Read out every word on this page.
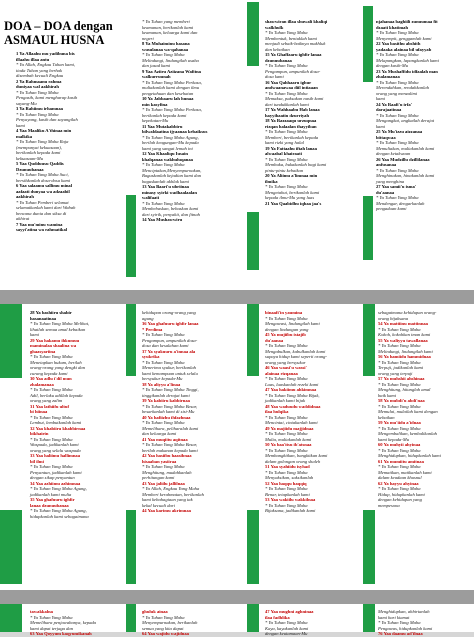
DOA – DOA dengan
ASMAUL HUSNA
1 Ya Allaahu mu yadibuna bis
illaahu illaa antu
* Ya Allah, Engkau Tuhan kami,
tiada Tuhan yang berhak
disembah kecuali Engkau
2 Ya Rahmaanu rahma
duniyaa wal aakhirah
* Ya Tuhan Yang Maha
Pengasih, kami mengharap kasih
sayang-Mu
3 Ya Rahiimu irhamnaa
* Ya Tuhan Yang Maha
Penyayang, kasih dan sayangilah
kami
4 Yaa Maaliku A'thinaa min
malkika
* Ya Tuhan Yang Maha Raja
(mempunyai kekuasaan),
berikanlah kepada kami
kekuasaan-Mu
5 Yaa Qudduusu Qaddis
Dzunuubanaa
* Ya Tuhan Yang Maha Suci,
bersihkanlah dosa-dosa kami
6 Yaa salaamu sallimu minal
aafaati dunyaa wa adzaabil
aakhirah
* Ya Tuhan Pemberi selamat
selamatkanlah kami dari Wabah
bencana dunia dan siksa di
akhirat
7 Yaa mu'minu wamina
sayyi'atina wa rahmatikal
* Ya Tuhan yang memberi
keamanan, berikanlah kami
keamanan, keluarga kami dan
negeri
8 Ya Muhaiminu hasana
wusulanaa wa-qahanaa
* Ya Tuhan Yang Maha
Melindungi, lindungilah usaha
dan jasad kami
9 Yaa Aziiru Aziizana Wafitna
walkurruunah
* Ya Tuhan Yang Maha Perkasa,
muliakanlah kami dengan ilmu
pengetahuan dan kesehatan
10 Ya Jabbaaru lah hunaa
min kasyfina
* Ya Tuhan Yang Maha Perkasa,
berikanlah kepada kami
kepekatan-Mu
11 Yaa Mutakabbiru
bilwaldaatina ijyaanaa kebaiksus
* Ya Tuhan Yang Maha Agung,
berilah keagungan-Mu kepada
kami yang sangat lemah ini
12 Yaa Khaaliqu Iusain
khalqanaa wakhuluqanaa
* Ya Tuhan Yang Maha
Menciptakan,Menyempurnakan,
Baguskanlah kejadian kami dan
baguskanlah akhlak kami
13 Yaa Baari'u ubriinaa
minasy syirki wadhaalaalan
walifaati
* Ya Tuhan Yang Maha
Membebaskan, bebaskan kami
dari syirik, penyakit, dan fitnah
14 Yaa Mushawwiru
shawwiran illaa shuwali khaliqi
walkhulk
* Ya Tuhan Yang Maha
Membentuk, bentuklah kami
menjadi sebaik-baiknya makhluk
dan kebaikan
15 Ya Ghaffaaru ighfir lanaa
dzunuubanaa
* Ya Tuhan Yang Maha
Pengampun, ampunilah dosa-
dosa kami
16 Yaa Qahhaaru ighur
andwaanawaa diil intiaaan
* Ya Tuhan Yang Maha
Memaksa, paksakan nasib kami
dari tundukkanlah kami
17 Ya Wahhaabu Hab lanaa
hayyibaatin dzurriyah
18 Ya Razzaaqu urzuqnaa
rizqan halaalan thayyiban
* Ya Tuhan Yang Maha
Memberi, berikanlah kepada
kami rizki yang halal
19 Ya Fattaahu iftah lanaa
alwaabal khairaati
* Ya Tuhan Yang Maha
Membuka, bukakanlah bagi kami
pintu-pintu kebaikan
20 Ya Aliimu a'limnaa min
ilmika
* Ya Tuhan Yang Maha
Mengetahui, berikanlah kami
kepada ilmu-Mu yang luas
21 Yaa Qaabidhu iqbaa jaa's
njahanaa baghiili zunuumaa fit
dzaati khatimah
* Ya Tuhan Yang Maha
Menyempit, genggamlah kami
22 Yaa basithu abshith
yadaaka alainaa bil ufayyab
* Ya Tuhan Yang Maha
Melapangkan, lapangkanlah kami
dengan kasih-Mu
23 Ya Mushaffidu idfaalah man
zhalamanaa
* Ya Tuhan Yang Maha
Merendahkan, rendahkanlah
orang yang menzalimi
kami
24 Ya Raafi'u irfa'
darajaatinaa
* Ya Tuhan Yang Maha
Mengangkat, angkatlah derajat
kami
25 Ya Mu'izzu aizzanaa
bittaqwaa
* Ya Tuhan Yang Maha
Memuliakan, muliakanlah kami
dengan ketakwaan
26 Yaa Mudzillu dzillilanaa
anfusanaa
* Ya Tuhan Yang Maha
Menghinakan, hinakanlah kami
yang menghina
27 Yaa samii'u isma'
du'aanaa
* Ya Tuhan Yang Maha
Mendengar, dengarkanlah
pengaduan kami
28 Ya bashiiru shabir
hasanaatinaa
* Ya Tuhan Yang Maha Melihat,
lihatlah semua amal kebaikan
kami
29 Yaa hakamu ihkumuu
maminalaa shaalina wa
ghaasyariina
* Ya Tuhan Yang Maha
Menetapkan hukum, berilah
orang-orang yang dengki dan
curang kepada kami
30 Yaa adlu i'dil mun
zhalamanaa
* Ya Tuhan Yang Maha
Adil, berlaku adillah kepada
orang yang zalim
31 Yaa lathiifu ultuf
bi hiinaa
* Ya Tuhan Yang Maha
Lembut, lembutkanlah kami
32 Yaa khabiiru khabbirnaa
bikhairin
* Ya Tuhan Yang Maha
Waspada, jadikanlah kami
orang yang selalu waspada
33 Yaa haliimu hallimnaa
bil ilmi
* Ya Tuhan Yang Maha
Penyantun, jadikanlah kami
dengan sikap penyantun
34 Yaa azhiimu azhimnaa
* Ya Tuhan Yang Maha Agung,
jadikanlah kami mulia
35 Yaa ghafuuru ighfir
lanaa dzunuubanaa
* Ya Tuhan Yang Maha Agung,
hidupkanlah kami sebagaimana
kehidupan orang-orang yang
agung
36 Yaa ghafuuru ighfir lanaa
* Perdima
* Ya Tuhan Yang Maha
Pengampun, ampunilah dosa-
dosa dan kesalahan kami
37 Ya syakuuru a'innaa ala
syukrika
* Ya Tuhan Yang Maha
Menerima syukur, berikanlah
kami kemampuan untuk selalu
bersyukur kepada-Mu
38 Ya aliyyu a'linaa
* Ya Tuhan Yang Maha Tinggi,
tinggikanlah derajat kami
39 Ya kabiiru kabbirnaa
* Ya Tuhan Yang Maha Besar,
besarkanlah kami di sisi-Mu
40 Ya hafiizhu ihfazhnaa
* Ya Tuhan Yang Maha
Memelihara, peliharalah kami
dan keluarga kami
41 Yaa muqiitu aqitnaa
* Ya Tuhan Yang Maha Besar,
berilah makanan kepada kami
42 Yaa hasiibu haasibnaa
hisaaban yasiiraa
* Ya Tuhan Yang Maha
Menghitung, mudahkanlah
perhitungan kami
43 Yaa jaliilu jallilnaa
* Ya Allah, Engkau Yang Maha
Memberi kerahmatan, berikanlah
kami kebahagiaan yang tak
kekal kecuali dari
44 Yaa karimu akrimnaa
binaafi'in yaumina
* Ya Tuhan Yang Maha
Mengawasi, lindungilah kami
dengan lindungan yang
45 Ya mujiibu istajib
du'aanaa
* Ya Tuhan Yang Maha
Mengabulkan, kabulkanlah kami
supaya hidup kami seperti orang-
orang yang bersyukur
46 Yaa waasi'u wassi'
alainaa rizqanaa
* Ya Tuhan Yang Maha
Luas, luaskanlah rezeki kami
47 Yaa hakiimu ahkimnaa
* Ya Tuhan Yang Maha Bijak,
jadikanlah kami bijak
48 Yaa waduudu waddidnaa
ilaa hulqika
* Ya Tuhan Yang Maha
Mencintai, cintakanlah kami
49 Ya majiidu majjidnaa
* Ya Tuhan Yang Maha
Mulia, muliakanlah kami
50 Ya baa'itsu ib'atsnaa
* Ya Tuhan Yang Maha
Membangkitkan, bangkitkan kami
dalam golongan orang shaleh
51 Yaa syahiidu isyhad
* Ya Tuhan Yang Maha
Menyaksikan, saksikanlah
52 Yaa haqqu haqqiq
* Ya Tuhan Yang Maha
Benar, tetapkanlah kami
53 Yaa wakiilu wakkilnaa
* Ya Tuhan Yang Maha
Bijaksana, jadikanlah kami
sebagaimana kehidupan orang-
orang bijaksana
54 Ya mattiinu mattinnaa
* Ya Tuhan Yang Maha
Kokoh, kokohkan iman kami
55 Ya waliyyu tawallanaa
* Ya Tuhan Yang Maha
Melindungi, lindungilah kami
56 Ya hamiidu hammidnaa
* Ya Tuhan Yang Maha
Terpuji, jadikanlah kami
orang yang terpuji
57 Ya muhshii ahshinaa
* Ya Tuhan Yang Maha
Menghitung, hitunglah amal
baik kami
58 Ya mubdi'u abdi'naa
* Ya Tuhan Yang Maha
Memulai, mulailah kami dengan
kebaikan
59 Ya mu'iidu a'idnaa
* Ya Tuhan Yang Maha
Mengembalikan, kembalikanlah
kami kepada-Mu
60 Ya muhyii ahyinaa
* Ya Tuhan Yang Maha
Menghidupkan, hidupkanlah kami
61 Ya mumiitu amitnaa
* Ya Tuhan Yang Maha
Mematikan, matikanlah kami
dalam keadaan khusnul
62 Ya hayyu ahyinaa
* Ya Tuhan Yang Maha
Hidup, hidupkanlah kami
dengan kehidupan yang
mempesona
tawakkalna
* Ya Tuhan Yang Maha
Memelihara penjawabanya, kepada
kami dapat terjaga dan
63 Yaa Qoyyum kaqyumikanah
ghuluk ainaa
* Ya Tuhan Yang Maha
Menyempurnakan, berikanlah
semua yang kita dapat
64 Yaa wajidu wajidnaa
47 Yaa mughni aghninaa
ilaa fadhlika
* Ya Tuhan Yang Maha
Kaya, kayakanlah kami
dengan keutamaan-Mu
Menghidupkan, ahbirtanlah
kami hari kiamat
* Ya Tuhan Yang Maha
Pengawas, hidupkanlah kami
76 Yaa daamu ad'ilnaa
